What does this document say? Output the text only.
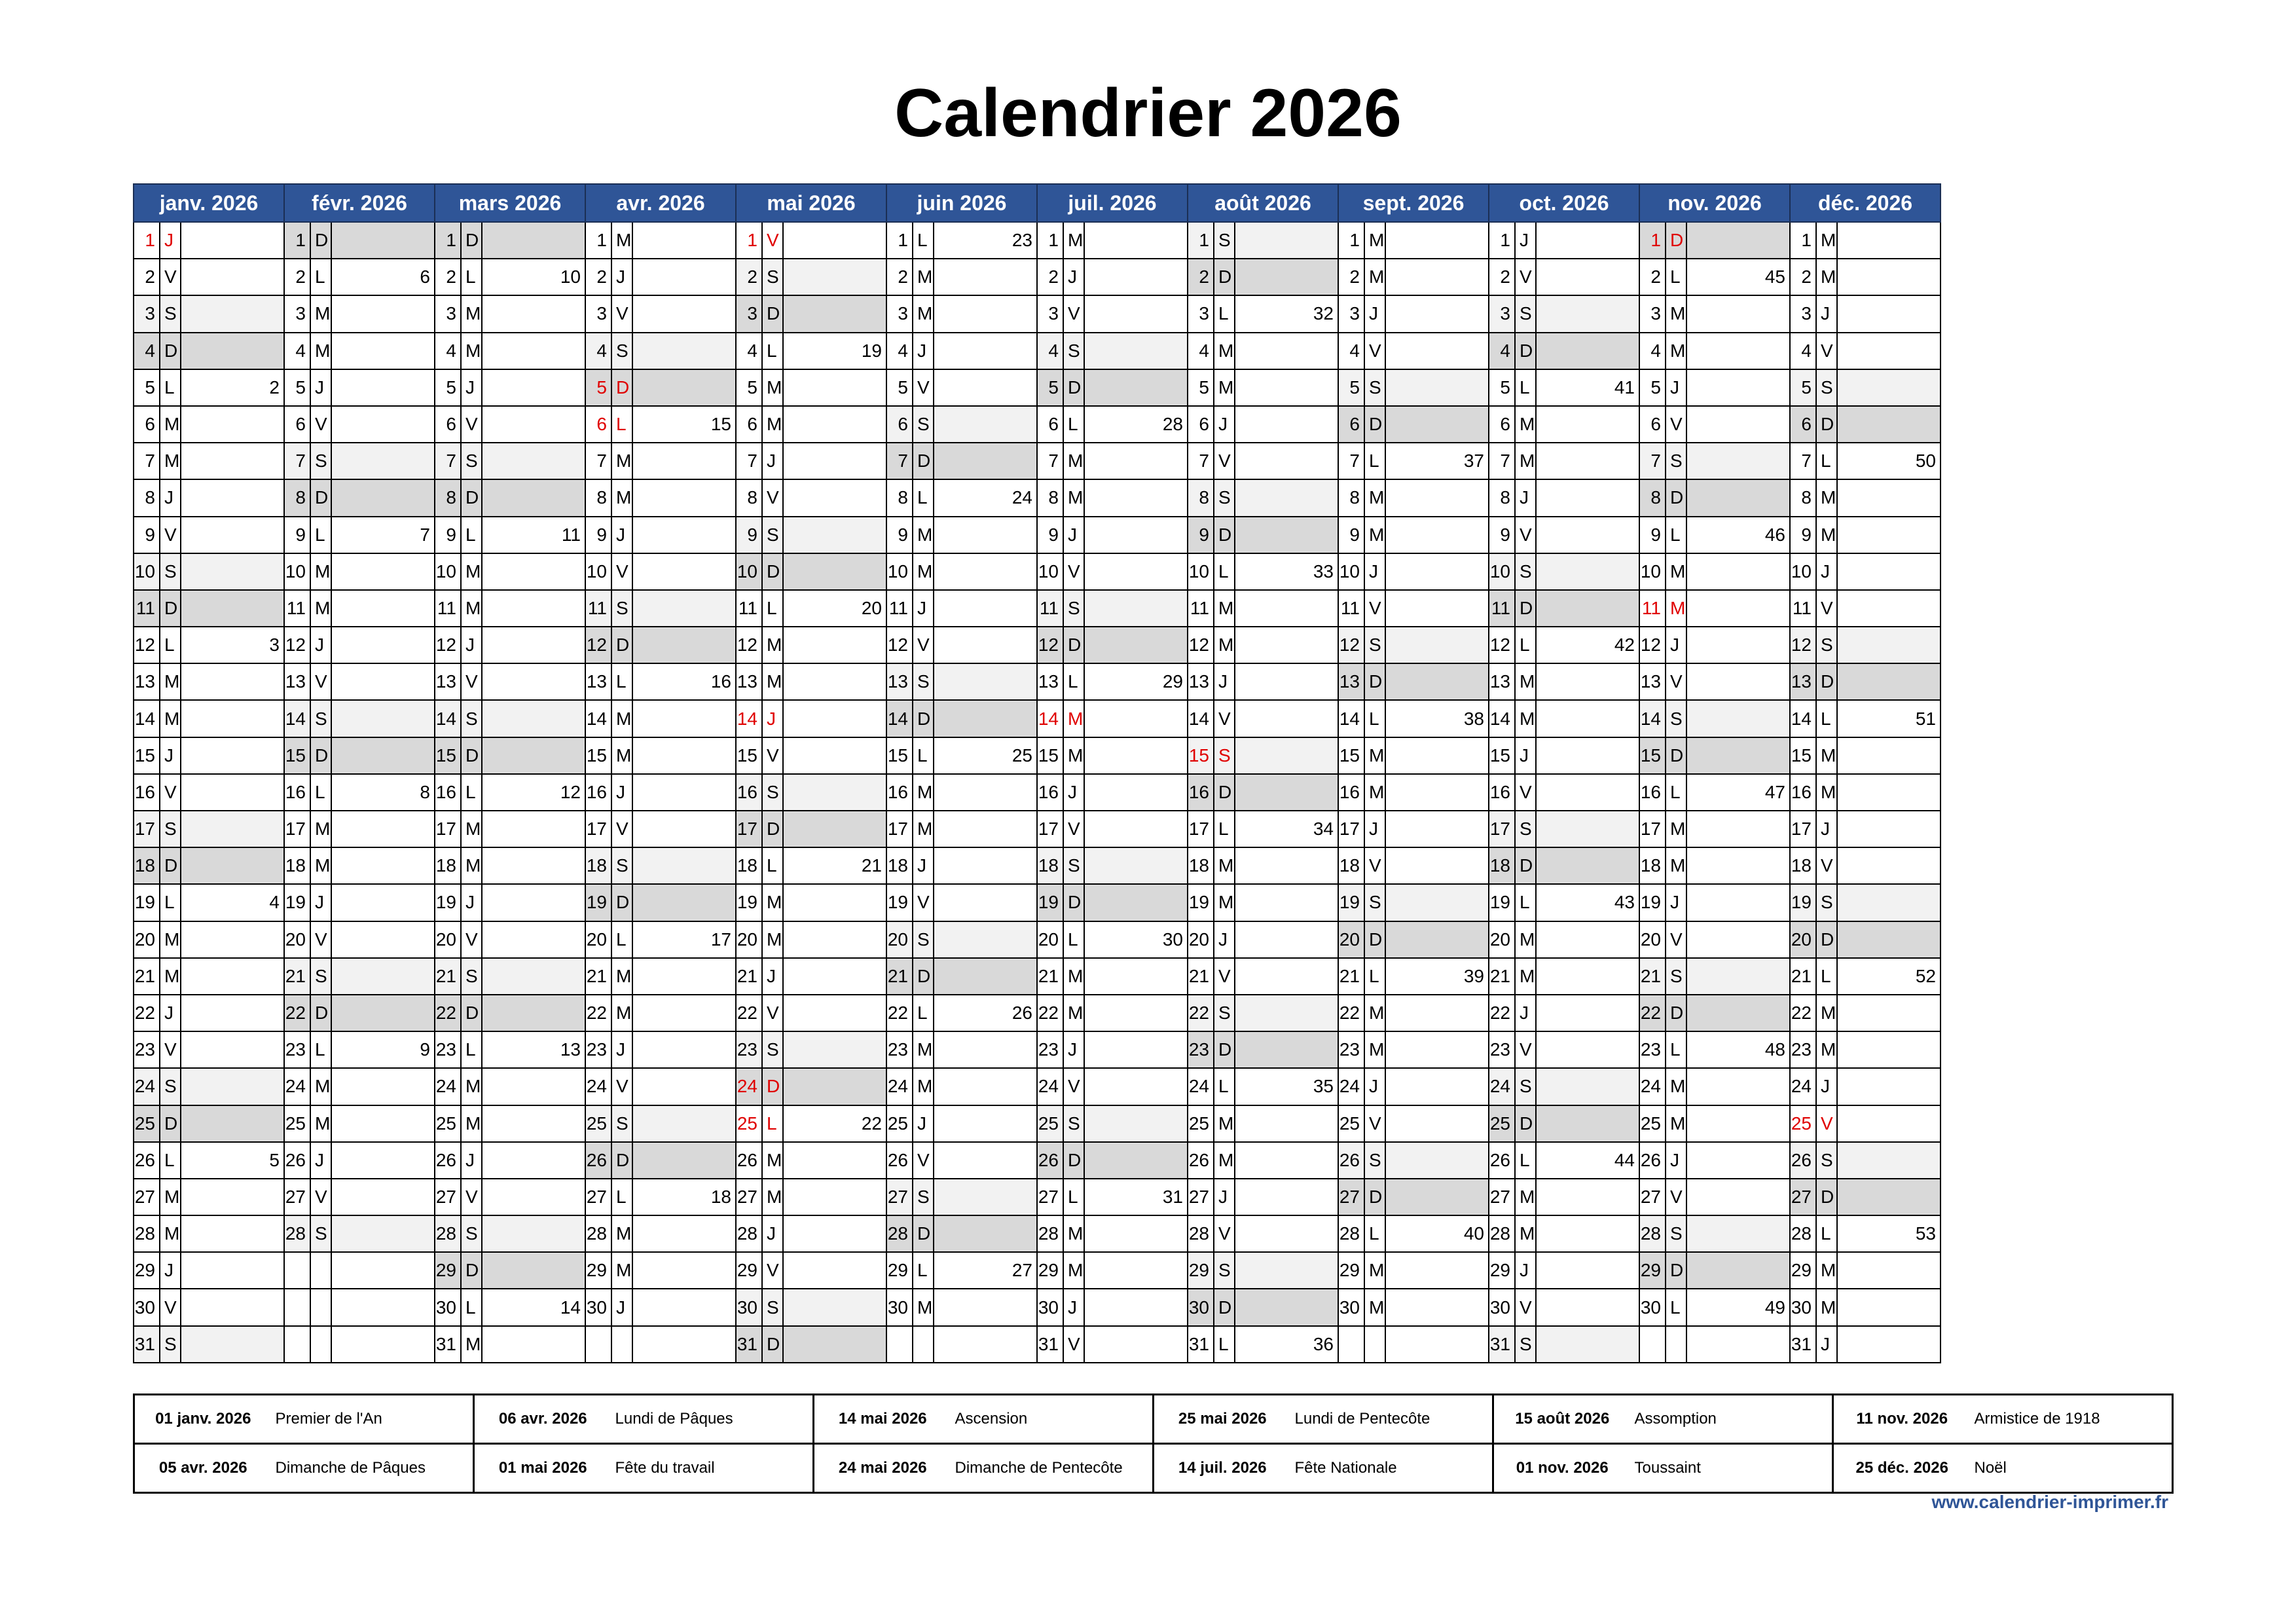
Calendrier 2026
janv. 2026			févr. 2026			mars 2026			avr. 2026			mai 2026			juin 2026			juil. 2026			août 2026			sept. 2026			oct. 2026			nov. 2026			déc. 2026		
1	J		1	D		1	D		1	M		1	V		1	L	23	1	M		1	S		1	M		1	J		1	D		1	M	
2	V		2	L	6	2	L	10	2	J		2	S		2	M		2	J		2	D		2	M		2	V		2	L	45	2	M	
3	S		3	M		3	M		3	V		3	D		3	M		3	V		3	L	32	3	J		3	S		3	M		3	J	
4	D		4	M		4	M		4	S		4	L	19	4	J		4	S		4	M		4	V		4	D		4	M		4	V	
5	L	2	5	J		5	J		5	D		5	M		5	V		5	D		5	M		5	S		5	L	41	5	J		5	S	
6	M		6	V		6	V		6	L	15	6	M		6	S		6	L	28	6	J		6	D		6	M		6	V		6	D	
7	M		7	S		7	S		7	M		7	J		7	D		7	M		7	V		7	L	37	7	M		7	S		7	L	50
8	J		8	D		8	D		8	M		8	V		8	L	24	8	M		8	S		8	M		8	J		8	D		8	M	
9	V		9	L	7	9	L	11	9	J		9	S		9	M		9	J		9	D		9	M		9	V		9	L	46	9	M	
10	S		10	M		10	M		10	V		10	D		10	M		10	V		10	L	33	10	J		10	S		10	M		10	J	
11	D		11	M		11	M		11	S		11	L	20	11	J		11	S		11	M		11	V		11	D		11	M		11	V	
12	L	3	12	J		12	J		12	D		12	M		12	V		12	D		12	M		12	S		12	L	42	12	J		12	S	
13	M		13	V		13	V		13	L	16	13	M		13	S		13	L	29	13	J		13	D		13	M		13	V		13	D	
14	M		14	S		14	S		14	M		14	J		14	D		14	M		14	V		14	L	38	14	M		14	S		14	L	51
15	J		15	D		15	D		15	M		15	V		15	L	25	15	M		15	S		15	M		15	J		15	D		15	M	
16	V		16	L	8	16	L	12	16	J		16	S		16	M		16	J		16	D		16	M		16	V		16	L	47	16	M	
17	S		17	M		17	M		17	V		17	D		17	M		17	V		17	L	34	17	J		17	S		17	M		17	J	
18	D		18	M		18	M		18	S		18	L	21	18	J		18	S		18	M		18	V		18	D		18	M		18	V	
19	L	4	19	J		19	J		19	D		19	M		19	V		19	D		19	M		19	S		19	L	43	19	J		19	S	
20	M		20	V		20	V		20	L	17	20	M		20	S		20	L	30	20	J		20	D		20	M		20	V		20	D	
21	M		21	S		21	S		21	M		21	J		21	D		21	M		21	V		21	L	39	21	M		21	S		21	L	52
22	J		22	D		22	D		22	M		22	V		22	L	26	22	M		22	S		22	M		22	J		22	D		22	M	
23	V		23	L	9	23	L	13	23	J		23	S		23	M		23	J		23	D		23	M		23	V		23	L	48	23	M	
24	S		24	M		24	M		24	V		24	D		24	M		24	V		24	L	35	24	J		24	S		24	M		24	J	
25	D		25	M		25	M		25	S		25	L	22	25	J		25	S		25	M		25	V		25	D		25	M		25	V	
26	L	5	26	J		26	J		26	D		26	M		26	V		26	D		26	M		26	S		26	L	44	26	J		26	S	
27	M		27	V		27	V		27	L	18	27	M		27	S		27	L	31	27	J		27	D		27	M		27	V		27	D	
28	M		28	S		28	S		28	M		28	J		28	D		28	M		28	V		28	L	40	28	M		28	S		28	L	53
29	J					29	D		29	M		29	V		29	L	27	29	M		29	S		29	M		29	J		29	D		29	M	
30	V					30	L	14	30	J		30	S		30	M		30	J		30	D		30	M		30	V		30	L	49	30	M	
31	S					31	M					31	D					31	V		31	L	36				31	S					31	J	
01 janv. 2026	Premier de l'An	06 avr. 2026	Lundi de Pâques	14 mai 2026	Ascension	25 mai 2026	Lundi de Pentecôte	15 août 2026	Assomption	11 nov. 2026	Armistice de 1918
05 avr. 2026	Dimanche de Pâques	01 mai 2026	Fête du travail	24 mai 2026	Dimanche de Pentecôte	14 juil. 2026	Fête Nationale	01 nov. 2026	Toussaint	25 déc. 2026	Noël
www.calendrier-imprimer.fr
